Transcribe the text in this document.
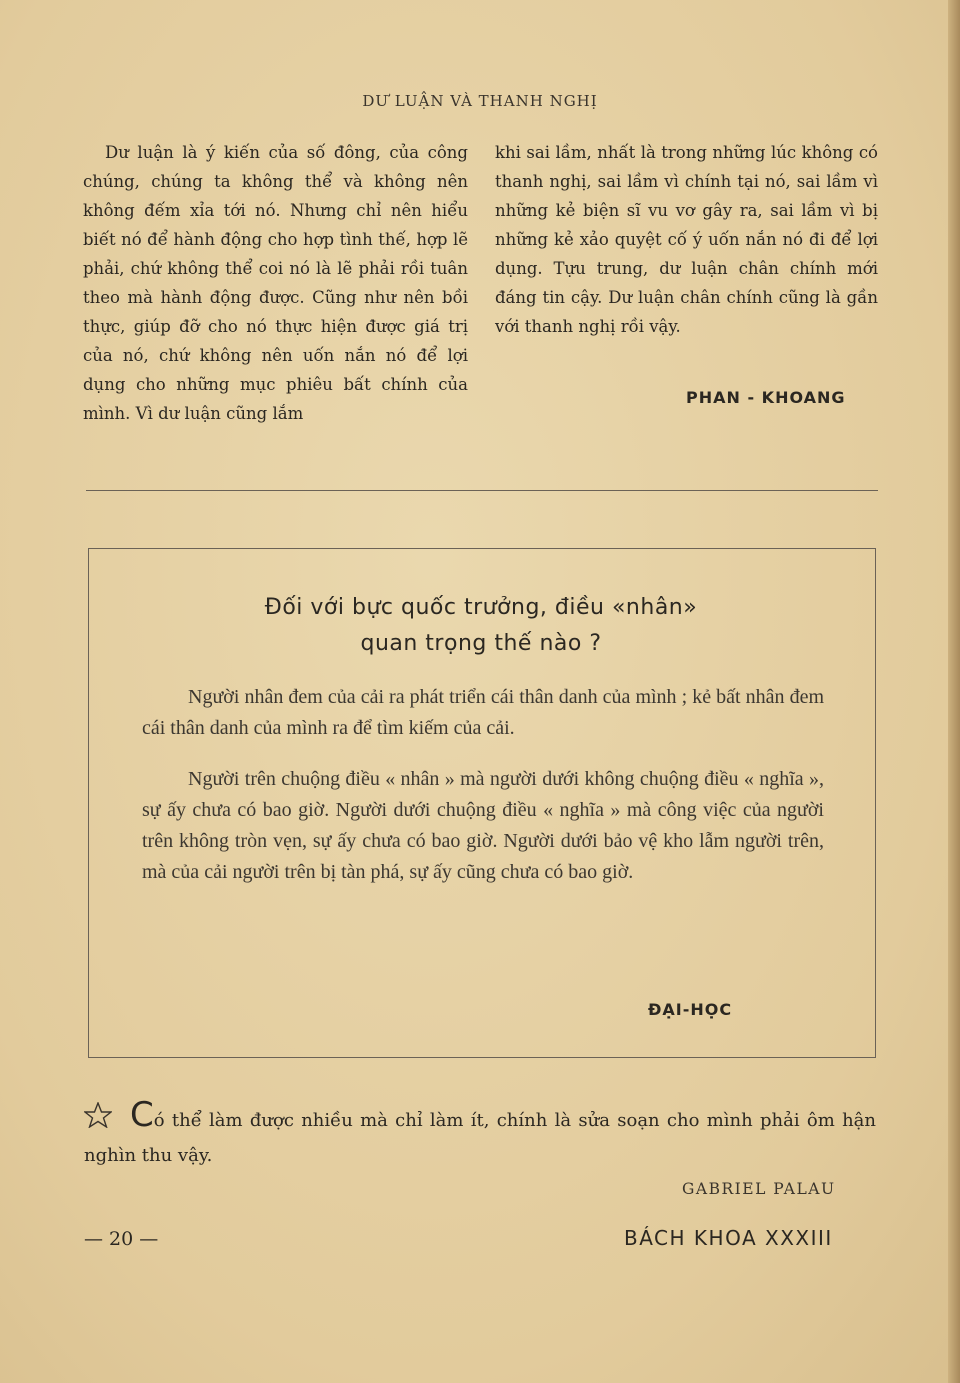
DƯ LUẬN VÀ THANH NGHỊ

Dư luận là ý kiến của số đông, của công chúng, chúng ta không thể và không nên không đếm xỉa tới nó. Nhưng chỉ nên hiểu biết nó để hành động cho hợp tình thế, hợp lẽ phải, chứ không thể coi nó là lẽ phải rồi tuân theo mà hành động được. Cũng như nên bồi thực, giúp đỡ cho nó thực hiện được giá trị của nó, chứ không nên uốn nắn nó để lợi dụng cho những mục phiêu bất chính của mình. Vì dư luận cũng lắm

khi sai lầm, nhất là trong những lúc không có thanh nghị, sai lầm vì chính tại nó, sai lầm vì những kẻ biện sĩ vu vơ gây ra, sai lầm vì bị những kẻ xảo quyệt cố ý uốn nắn nó đi để lợi dụng. Tựu trung, dư luận chân chính mới đáng tin cậy. Dư luận chân chính cũng là gần với thanh nghị rồi vậy.

PHAN - KHOANG
Đối với bực quốc trưởng, điều «nhân»
quan trọng thế nào ?

Người nhân đem của cải ra phát triển cái thân danh của mình ; kẻ bất nhân đem cái thân danh của mình ra để tìm kiếm của cải.

Người trên chuộng điều « nhân » mà người dưới không chuộng điều « nghĩa », sự ấy chưa có bao giờ. Người dưới chuộng điều « nghĩa » mà công việc của người trên không tròn vẹn, sự ấy chưa có bao giờ. Người dưới bảo vệ kho lẫm người trên, mà của cải người trên bị tàn phá, sự ấy cũng chưa có bao giờ.

ĐẠI-HỌC
Có thể làm được nhiều mà chỉ làm ít, chính là sửa soạn cho mình phải ôm hận nghìn thu vậy.
GABRIEL PALAU
— 20 —	BÁCH KHOA XXXIII
